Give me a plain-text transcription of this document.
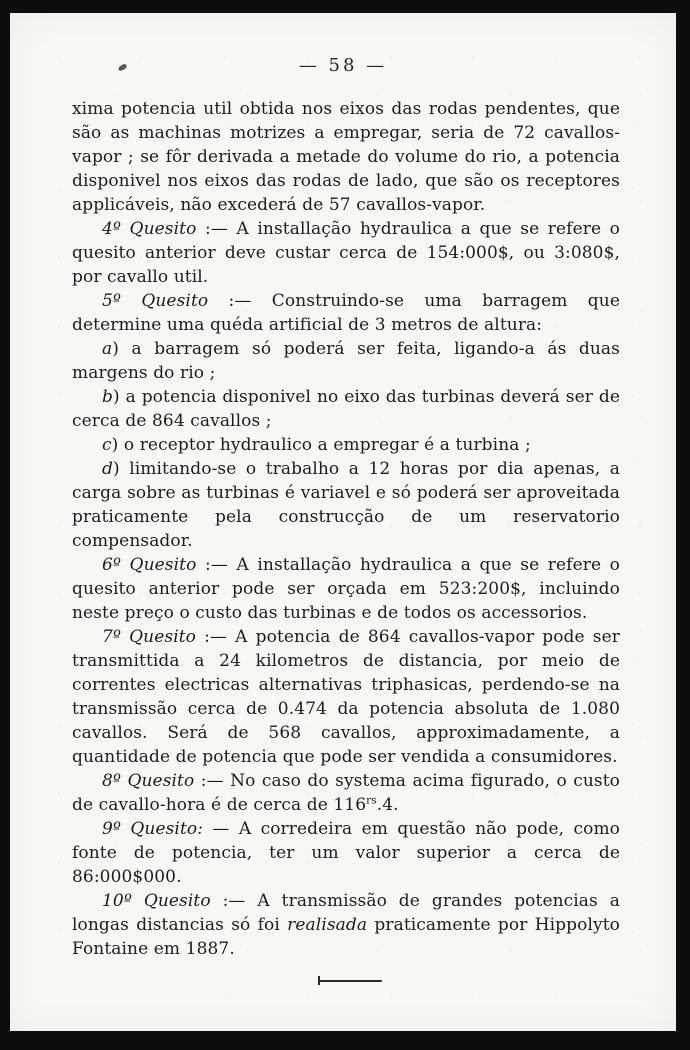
— 58 —

xima potencia util obtida nos eixos das rodas pendentes, que são as machinas motrizes a empregar, seria de 72 cavallos-vapor ; se fôr derivada a metade do volume do rio, a potencia disponivel nos eixos das rodas de lado, que são os receptores applicáveis, não excederá de 57 cavallos-vapor.

4º Quesito :— A installação hydraulica a que se refere o quesito anterior deve custar cerca de 154:000$, ou 3:080$, por cavallo util.

5º Quesito :— Construindo-se uma barragem que determine uma quéda artificial de 3 metros de altura:

a) a barragem só poderá ser feita, ligando-a ás duas margens do rio ;

b) a potencia disponivel no eixo das turbinas deverá ser de cerca de 864 cavallos ;

c) o receptor hydraulico a empregar é a turbina ;

d) limitando-se o trabalho a 12 horas por dia apenas, a carga sobre as turbinas é variavel e só poderá ser aproveitada praticamente pela construcção de um reservatorio compensador.

6º Quesito :— A installação hydraulica a que se refere o quesito anterior pode ser orçada em 523:200$, incluindo neste preço o custo das turbinas e de todos os accessorios.

7º Quesito :— A potencia de 864 cavallos-vapor pode ser transmittida a 24 kilometros de distancia, por meio de correntes electricas alternativas triphasicas, perdendo-se na transmissão cerca de 0.474 da potencia absoluta de 1.080 cavallos. Será de 568 cavallos, approximadamente, a quantidade de potencia que pode ser vendida a consumidores.

8º Quesito :— No caso do systema acima figurado, o custo de cavallo-hora é de cerca de $116^{rs}.4$.

9º Quesito: — A corredeira em questão não pode, como fonte de potencia, ter um valor superior a cerca de 86:000$000.

10º Quesito :— A transmissão de grandes potencias a longas distancias só foi realisada praticamente por Hippolyto Fontaine em 1887.
